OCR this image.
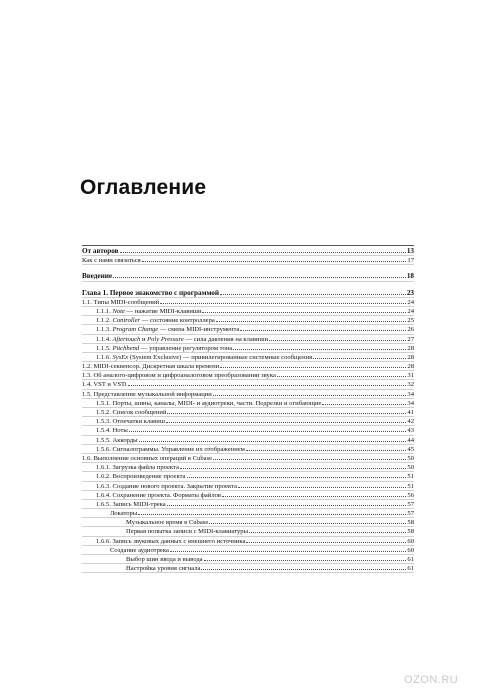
Оглавление
От авторов	13
Как с нами связаться	17
Введение	18
Глава 1. Первое знакомство с программой	23
1.1. Типы MIDI-сообщений	24
1.1.1. Note — нажатие MIDI-клавиши	24
1.1.2. Controller — состояние контроллера	25
1.1.3. Program Change — смена MIDI-инструмента	26
1.1.4. Aftertouch и Poly Pressure — сила давления на клавиши	27
1.1.5. Pitchbend — управление регулятором тона	28
1.1.6. SysEx (System Exclusive) — привилегированные системные сообщения	28
1.2. MIDI-секвенсор. Дискретная шкала времени	28
1.3. Об аналого-цифровом и цифроаналоговом преобразовании звука	31
1.4. VST и VSTi	32
1.5. Представление музыкальной информации	34
1.5.1. Порты, шины, каналы, MIDI- и аудиотреки, части. Подрезки и огибающие	34
1.5.2. Список сообщений	41
1.5.3. Отпечатки клавиш	42
1.5.4. Ноты	43
1.5.5. Аккорды	44
1.5.6. Сигналограммы. Управление их отображением	45
1.6. Выполнение основных операций в Cubase	50
1.6.1. Загрузка файла проекта	50
1.6.2. Воспроизведение проекта	51
1.6.3. Создание нового проекта. Закрытие проекта	51
1.6.4. Сохранение проекта. Форматы файлов	56
1.6.5. Запись MIDI-трека	57
Локаторы	57
Музыкальное время в Cubase	58
Первая попытка записи с MIDI-клавиатуры	58
1.6.6. Запись звуковых данных с внешнего источника	60
Создание аудиотрека	60
Выбор шин ввода и вывода	61
Настройка уровня сигнала	61
OZON.RU
